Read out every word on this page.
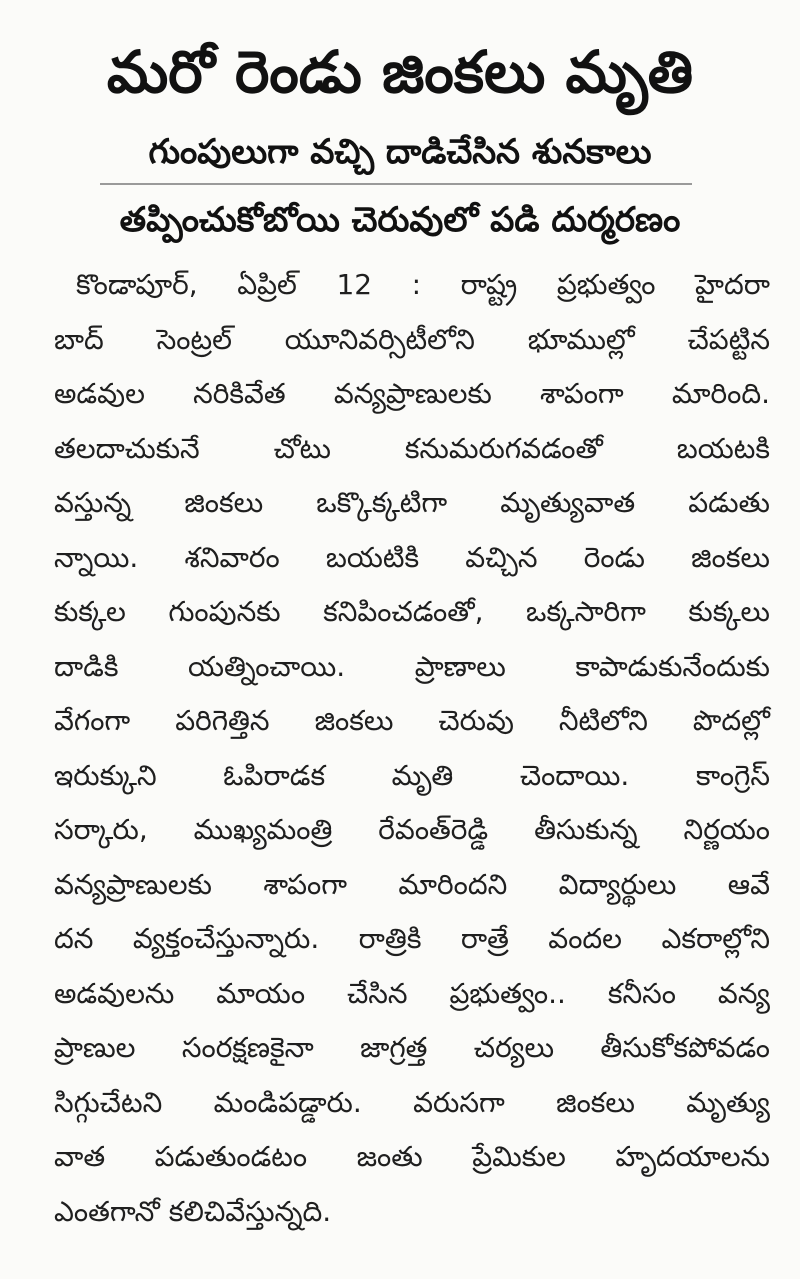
మరో రెండు జింకలు మృతి
గుంపులుగా వచ్చి దాడిచేసిన శునకాలు
తప్పించుకోబోయి చెరువులో పడి దుర్మరణం
కొండాపూర్, ఏప్రిల్ 12 : రాష్ట్ర ప్రభుత్వం హైదరా
బాద్ సెంట్రల్ యూనివర్సిటీలోని భూముల్లో చేపట్టిన
అడవుల నరికివేత వన్యప్రాణులకు శాపంగా మారింది.
తలదాచుకునే చోటు కనుమరుగవడంతో బయటకి
వస్తున్న జింకలు ఒక్కొక్కటిగా మృత్యువాత పడుతు
న్నాయి. శనివారం బయటికి వచ్చిన రెండు జింకలు
కుక్కల గుంపునకు కనిపించడంతో, ఒక్కసారిగా కుక్కలు
దాడికి యత్నించాయి. ప్రాణాలు కాపాడుకునేందుకు
వేగంగా పరిగెత్తిన జింకలు చెరువు నీటిలోని పొదల్లో
ఇరుక్కుని ఓపిరాడక మృతి చెందాయి. కాంగ్రెస్
సర్కారు, ముఖ్యమంత్రి రేవంత్‌రెడ్డి తీసుకున్న నిర్ణయం
వన్యప్రాణులకు శాపంగా మారిందని విద్యార్థులు ఆవే
దన వ్యక్తంచేస్తున్నారు. రాత్రికి రాత్రే వందల ఎకరాల్లోని
అడవులను మాయం చేసిన ప్రభుత్వం.. కనీసం వన్య
ప్రాణుల సంరక్షణకైనా జాగ్రత్త చర్యలు తీసుకోకపోవడం
సిగ్గుచేటని మండిపడ్డారు. వరుసగా జింకలు మృత్యు
వాత పడుతుండటం జంతు ప్రేమికుల హృదయాలను
ఎంతగానో కలిచివేస్తున్నది.
